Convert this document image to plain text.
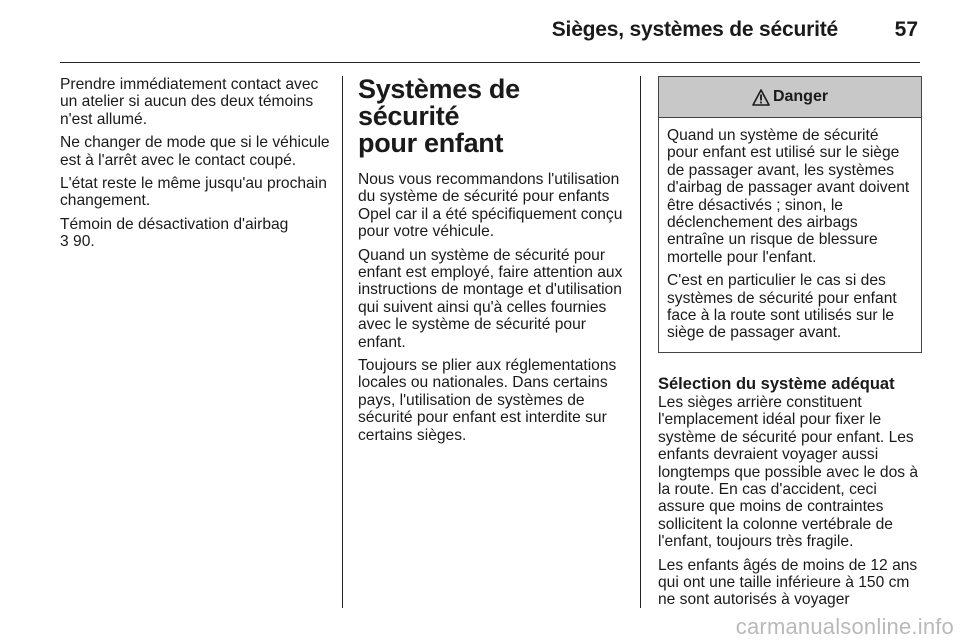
Sièges, systèmes de sécurité	57

Prendre immédiatement contact avec un atelier si aucun des deux témoins n'est allumé.

Ne changer de mode que si le véhicule est à l'arrêt avec le contact coupé.

L'état reste le même jusqu'au prochain changement.

Témoin de désactivation d'airbag
3 90.

Systèmes de sécurité
pour enfant

Nous vous recommandons l'utilisation du système de sécurité pour enfants Opel car il a été spécifiquement conçu pour votre véhicule.

Quand un système de sécurité pour enfant est employé, faire attention aux instructions de montage et d'utilisation qui suivent ainsi qu'à celles fournies avec le système de sécurité pour enfant.

Toujours se plier aux réglementations locales ou nationales. Dans certains pays, l'utilisation de systèmes de sécurité pour enfant est interdite sur certains sièges.

Danger

Quand un système de sécurité pour enfant est utilisé sur le siège de passager avant, les systèmes d'airbag de passager avant doivent être désactivés ; sinon, le déclenchement des airbags entraîne un risque de blessure mortelle pour l'enfant.

C'est en particulier le cas si des systèmes de sécurité pour enfant face à la route sont utilisés sur le siège de passager avant.

Sélection du système adéquat

Les sièges arrière constituent l'emplacement idéal pour fixer le système de sécurité pour enfant. Les enfants devraient voyager aussi longtemps que possible avec le dos à la route. En cas d'accident, ceci assure que moins de contraintes sollicitent la colonne vertébrale de l'enfant, toujours très fragile.

Les enfants âgés de moins de 12 ans qui ont une taille inférieure à 150 cm ne sont autorisés à voyager

carmanualsonline.info
